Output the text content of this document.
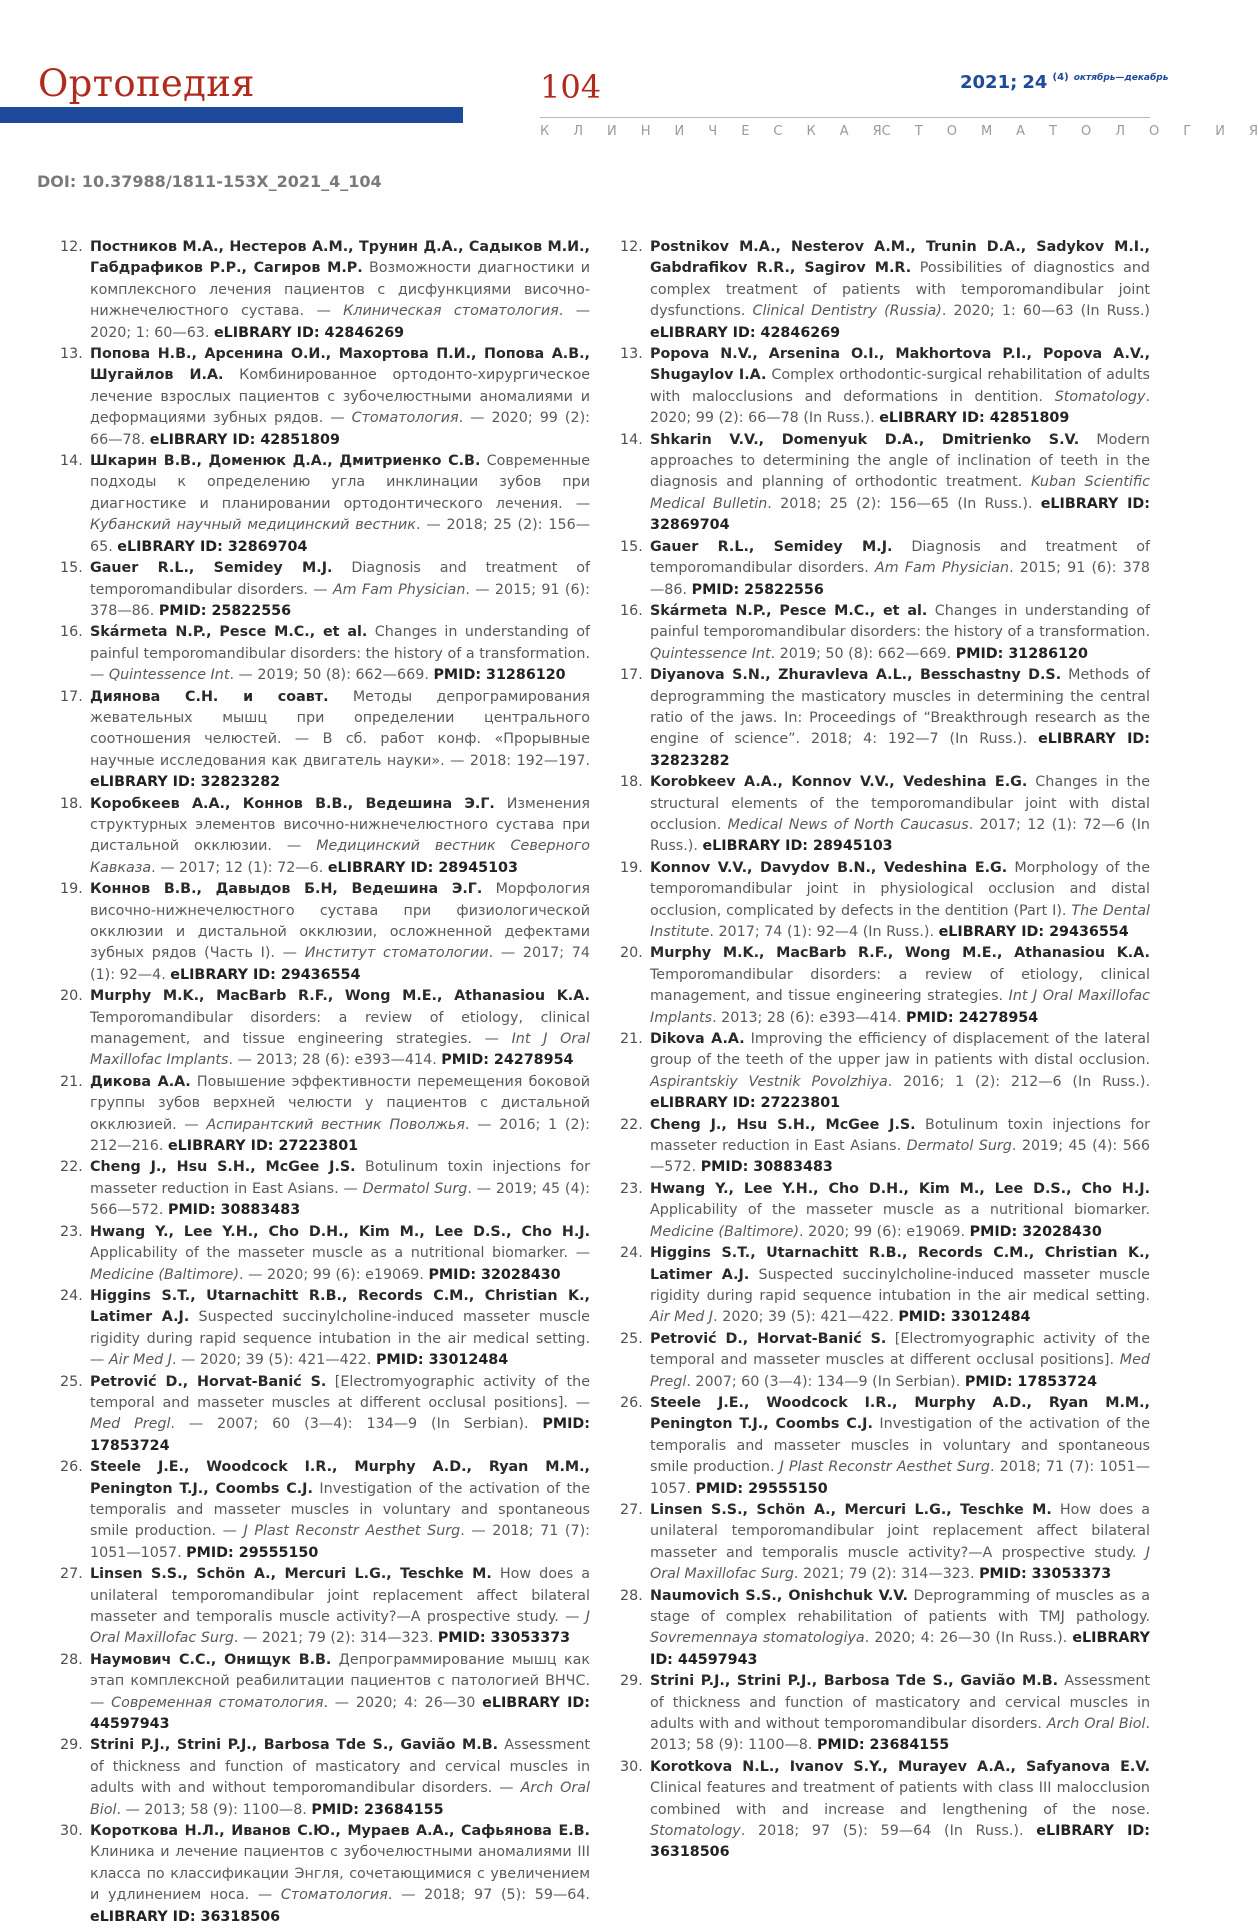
Ортопедия	104	2021; 24 $^{(4)}$ $^{октябрь—декабрь}$
К Л И Н И Ч Е С К А Я С Т О М А Т О Л О Г И Я
DOI: 10.37988/1811-153X_2021_4_104
12. Постников М.А., Нестеров А.М., Трунин Д.А., Садыков М.И., Габдрафиков Р.Р., Сагиров М.Р. Возможности диагностики и комплексного лечения пациентов с дисфункциями височно-нижнечелюстного сустава. — Клиническая стоматология. — 2020; 1: 60—63. eLIBRARY ID: 42846269
13. Попова Н.В., Арсенина О.И., Махортова П.И., Попова А.В., Шугайлов И.А. Комбинированное ортодонто-хирургическое лечение взрослых пациентов с зубочелюстными аномалиями и деформациями зубных рядов. — Стоматология. — 2020; 99 (2): 66—78. eLIBRARY ID: 42851809
14. Шкарин В.В., Доменюк Д.А., Дмитриенко С.В. Современные подходы к определению угла инклинации зубов при диагностике и планировании ортодонтического лечения. — Кубанский научный медицинский вестник. — 2018; 25 (2): 156—65. eLIBRARY ID: 32869704
15. Gauer R.L., Semidey M.J. Diagnosis and treatment of temporomandibular disorders. — Am Fam Physician. — 2015; 91 (6): 378—86. PMID: 25822556
16. Skármeta N.P., Pesce M.C., et al. Changes in understanding of painful temporomandibular disorders: the history of a transformation. — Quintessence Int. — 2019; 50 (8): 662—669. PMID: 31286120
17. Диянова С.Н. и соавт. Методы депрограмирования жевательных мышц при определении центрального соотношения челюстей. — В сб. работ конф. «Прорывные научные исследования как двигатель науки». — 2018: 192—197. eLIBRARY ID: 32823282
18. Коробкеев А.А., Коннов В.В., Ведешина Э.Г. Изменения структурных элементов височно-нижнечелюстного сустава при дистальной окклюзии. — Медицинский вестник Северного Кавказа. — 2017; 12 (1): 72—6. eLIBRARY ID: 28945103
19. Коннов В.В., Давыдов Б.Н, Ведешина Э.Г. Морфология височно-нижнечелюстного сустава при физиологической окклюзии и дистальной окклюзии, осложненной дефектами зубных рядов (Часть I). — Институт стоматологии. — 2017; 74 (1): 92—4. eLIBRARY ID: 29436554
20. Murphy M.K., MacBarb R.F., Wong M.E., Athanasiou K.A. Temporomandibular disorders: a review of etiology, clinical management, and tissue engineering strategies. — Int J Oral Maxillofac Implants. — 2013; 28 (6): e393—414. PMID: 24278954
21. Дикова А.А. Повышение эффективности перемещения боковой группы зубов верхней челюсти у пациентов с дистальной окклюзией. — Аспирантский вестник Поволжья. — 2016; 1 (2): 212—216. eLIBRARY ID: 27223801
22. Cheng J., Hsu S.H., McGee J.S. Botulinum toxin injections for masseter reduction in East Asians. — Dermatol Surg. — 2019; 45 (4): 566—572. PMID: 30883483
23. Hwang Y., Lee Y.H., Cho D.H., Kim M., Lee D.S., Cho H.J. Applicability of the masseter muscle as a nutritional biomarker. — Medicine (Baltimore). — 2020; 99 (6): e19069. PMID: 32028430
24. Higgins S.T., Utarnachitt R.B., Records C.M., Christian K., Latimer A.J. Suspected succinylcholine-induced masseter muscle rigidity during rapid sequence intubation in the air medical setting. — Air Med J. — 2020; 39 (5): 421—422. PMID: 33012484
25. Petrović D., Horvat-Banić S. [Electromyographic activity of the temporal and masseter muscles at different occlusal positions]. — Med Pregl. — 2007; 60 (3—4): 134—9 (In Serbian). PMID: 17853724
26. Steele J.E., Woodcock I.R., Murphy A.D., Ryan M.M., Penington T.J., Coombs C.J. Investigation of the activation of the temporalis and masseter muscles in voluntary and spontaneous smile production. — J Plast Reconstr Aesthet Surg. — 2018; 71 (7): 1051—1057. PMID: 29555150
27. Linsen S.S., Schön A., Mercuri L.G., Teschke M. How does a unilateral temporomandibular joint replacement affect bilateral masseter and temporalis muscle activity?—A prospective study. — J Oral Maxillofac Surg. — 2021; 79 (2): 314—323. PMID: 33053373
28. Наумович С.С., Онищук В.В. Депрограммирование мышц как этап комплексной реабилитации пациентов с патологией ВНЧС. — Современная стоматология. — 2020; 4: 26—30 eLIBRARY ID: 44597943
29. Strini P.J., Strini P.J., Barbosa Tde S., Gavião M.B. Assessment of thickness and function of masticatory and cervical muscles in adults with and without temporomandibular disorders. — Arch Oral Biol. — 2013; 58 (9): 1100—8. PMID: 23684155
30. Короткова Н.Л., Иванов С.Ю., Мураев А.А., Сафьянова Е.В. Клиника и лечение пациентов с зубочелюстными аномалиями III класса по классификации Энгля, сочетающимися с увеличением и удлинением носа. — Стоматология. — 2018; 97 (5): 59—64. eLIBRARY ID: 36318506
12. Postnikov M.A., Nesterov A.M., Trunin D.A., Sadykov M.I., Gabdrafikov R.R., Sagirov M.R. Possibilities of diagnostics and complex treatment of patients with temporomandibular joint dysfunctions. Clinical Dentistry (Russia). 2020; 1: 60—63 (In Russ.) eLIBRARY ID: 42846269
13. Popova N.V., Arsenina O.I., Makhortova P.I., Popova A.V., Shugaylov I.A. Complex orthodontic-surgical rehabilitation of adults with malocclusions and deformations in dentition. Stomatology. 2020; 99 (2): 66—78 (In Russ.). eLIBRARY ID: 42851809
14. Shkarin V.V., Domenyuk D.A., Dmitrienko S.V. Modern approaches to determining the angle of inclination of teeth in the diagnosis and planning of orthodontic treatment. Kuban Scientific Medical Bulletin. 2018; 25 (2): 156—65 (In Russ.). eLIBRARY ID: 32869704
15. Gauer R.L., Semidey M.J. Diagnosis and treatment of temporomandibular disorders. Am Fam Physician. 2015; 91 (6): 378—86. PMID: 25822556
16. Skármeta N.P., Pesce M.C., et al. Changes in understanding of painful temporomandibular disorders: the history of a transformation. Quintessence Int. 2019; 50 (8): 662—669. PMID: 31286120
17. Diyanova S.N., Zhuravleva A.L., Besschastny D.S. Methods of deprogramming the masticatory muscles in determining the central ratio of the jaws. In: Proceedings of “Breakthrough research as the engine of science”. 2018; 4: 192—7 (In Russ.). eLIBRARY ID: 32823282
18. Korobkeev A.A., Konnov V.V., Vedeshina E.G. Changes in the structural elements of the temporomandibular joint with distal occlusion. Medical News of North Caucasus. 2017; 12 (1): 72—6 (In Russ.). eLIBRARY ID: 28945103
19. Konnov V.V., Davydov B.N., Vedeshina E.G. Morphology of the temporomandibular joint in physiological occlusion and distal occlusion, complicated by defects in the dentition (Part I). The Dental Institute. 2017; 74 (1): 92—4 (In Russ.). eLIBRARY ID: 29436554
20. Murphy M.K., MacBarb R.F., Wong M.E., Athanasiou K.A. Temporomandibular disorders: a review of etiology, clinical management, and tissue engineering strategies. Int J Oral Maxillofac Implants. 2013; 28 (6): e393—414. PMID: 24278954
21. Dikova A.A. Improving the efficiency of displacement of the lateral group of the teeth of the upper jaw in patients with distal occlusion. Aspirantskiy Vestnik Povolzhiya. 2016; 1 (2): 212—6 (In Russ.). eLIBRARY ID: 27223801
22. Cheng J., Hsu S.H., McGee J.S. Botulinum toxin injections for masseter reduction in East Asians. Dermatol Surg. 2019; 45 (4): 566—572. PMID: 30883483
23. Hwang Y., Lee Y.H., Cho D.H., Kim M., Lee D.S., Cho H.J. Applicability of the masseter muscle as a nutritional biomarker. Medicine (Baltimore). 2020; 99 (6): e19069. PMID: 32028430
24. Higgins S.T., Utarnachitt R.B., Records C.M., Christian K., Latimer A.J. Suspected succinylcholine-induced masseter muscle rigidity during rapid sequence intubation in the air medical setting. Air Med J. 2020; 39 (5): 421—422. PMID: 33012484
25. Petrović D., Horvat-Banić S. [Electromyographic activity of the temporal and masseter muscles at different occlusal positions]. Med Pregl. 2007; 60 (3—4): 134—9 (In Serbian). PMID: 17853724
26. Steele J.E., Woodcock I.R., Murphy A.D., Ryan M.M., Penington T.J., Coombs C.J. Investigation of the activation of the temporalis and masseter muscles in voluntary and spontaneous smile production. J Plast Reconstr Aesthet Surg. 2018; 71 (7): 1051—1057. PMID: 29555150
27. Linsen S.S., Schön A., Mercuri L.G., Teschke M. How does a unilateral temporomandibular joint replacement affect bilateral masseter and temporalis muscle activity?—A prospective study. J Oral Maxillofac Surg. 2021; 79 (2): 314—323. PMID: 33053373
28. Naumovich S.S., Onishchuk V.V. Deprogramming of muscles as a stage of complex rehabilitation of patients with TMJ pathology. Sovremennaya stomatologiya. 2020; 4: 26—30 (In Russ.). eLIBRARY ID: 44597943
29. Strini P.J., Strini P.J., Barbosa Tde S., Gavião M.B. Assessment of thickness and function of masticatory and cervical muscles in adults with and without temporomandibular disorders. Arch Oral Biol. 2013; 58 (9): 1100—8. PMID: 23684155
30. Korotkova N.L., Ivanov S.Y., Murayev A.A., Safyanova E.V. Clinical features and treatment of patients with class III malocclusion combined with and increase and lengthening of the nose. Stomatology. 2018; 97 (5): 59—64 (In Russ.). eLIBRARY ID: 36318506
